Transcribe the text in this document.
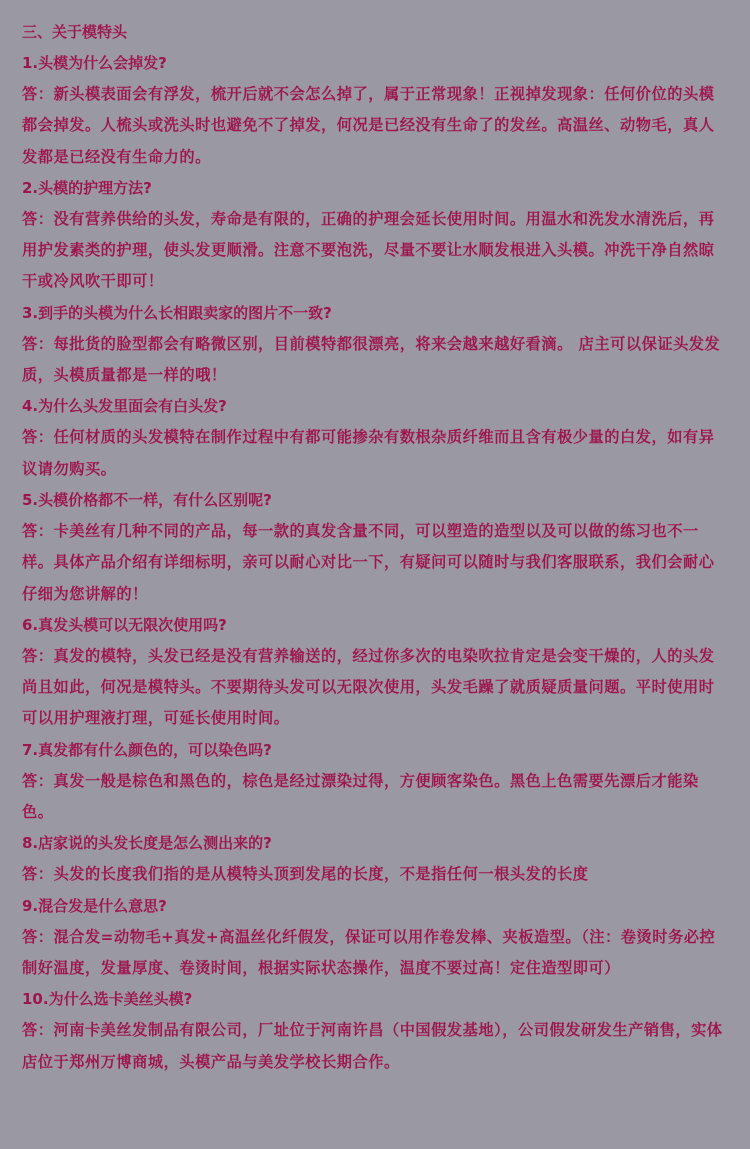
三、关于模特头
1.头模为什么会掉发?

答：新头模表面会有浮发，梳开后就不会怎么掉了，属于正常现象！正视掉发现象：任何价位的头模都会掉发。人梳头或洗头时也避免不了掉发，何况是已经没有生命了的发丝。高温丝、动物毛，真人发都是已经没有生命力的。

2.头模的护理方法?

答：没有营养供给的头发，寿命是有限的，正确的护理会延长使用时间。用温水和洗发水清洗后，再用护发素类的护理，使头发更顺滑。注意不要泡洗，尽量不要让水顺发根进入头模。冲洗干净自然晾干或冷风吹干即可！

3.到手的头模为什么长相跟卖家的图片不一致?

答：每批货的脸型都会有略微区别，目前模特都很漂亮，将来会越来越好看滴。 店主可以保证头发发质，头模质量都是一样的哦！

4.为什么头发里面会有白头发?

答：任何材质的头发模特在制作过程中有都可能掺杂有数根杂质纤维而且含有极少量的白发，如有异议请勿购买。

5.头模价格都不一样，有什么区别呢?

答：卡美丝有几种不同的产品，每一款的真发含量不同，可以塑造的造型以及可以做的练习也不一样。具体产品介绍有详细标明，亲可以耐心对比一下，有疑问可以随时与我们客服联系，我们会耐心仔细为您讲解的！

6.真发头模可以无限次使用吗?

答：真发的模特，头发已经是没有营养输送的，经过你多次的电染吹拉肯定是会变干燥的，人的头发尚且如此，何况是模特头。不要期待头发可以无限次使用，头发毛躁了就质疑质量问题。平时使用时可以用护理液打理，可延长使用时间。

7.真发都有什么颜色的，可以染色吗?

答：真发一般是棕色和黑色的，棕色是经过漂染过得，方便顾客染色。黑色上色需要先漂后才能染色。

8.店家说的头发长度是怎么测出来的?

答：头发的长度我们指的是从模特头顶到发尾的长度，不是指任何一根头发的长度

9.混合发是什么意思?

答：混合发=动物毛+真发+高温丝化纤假发，保证可以用作卷发棒、夹板造型。（注：卷烫时务必控制好温度，发量厚度、卷烫时间，根据实际状态操作，温度不要过高！定住造型即可）

10.为什么选卡美丝头模?

答：河南卡美丝发制品有限公司，厂址位于河南许昌（中国假发基地），公司假发研发生产销售，实体店位于郑州万博商城，头模产品与美发学校长期合作。
